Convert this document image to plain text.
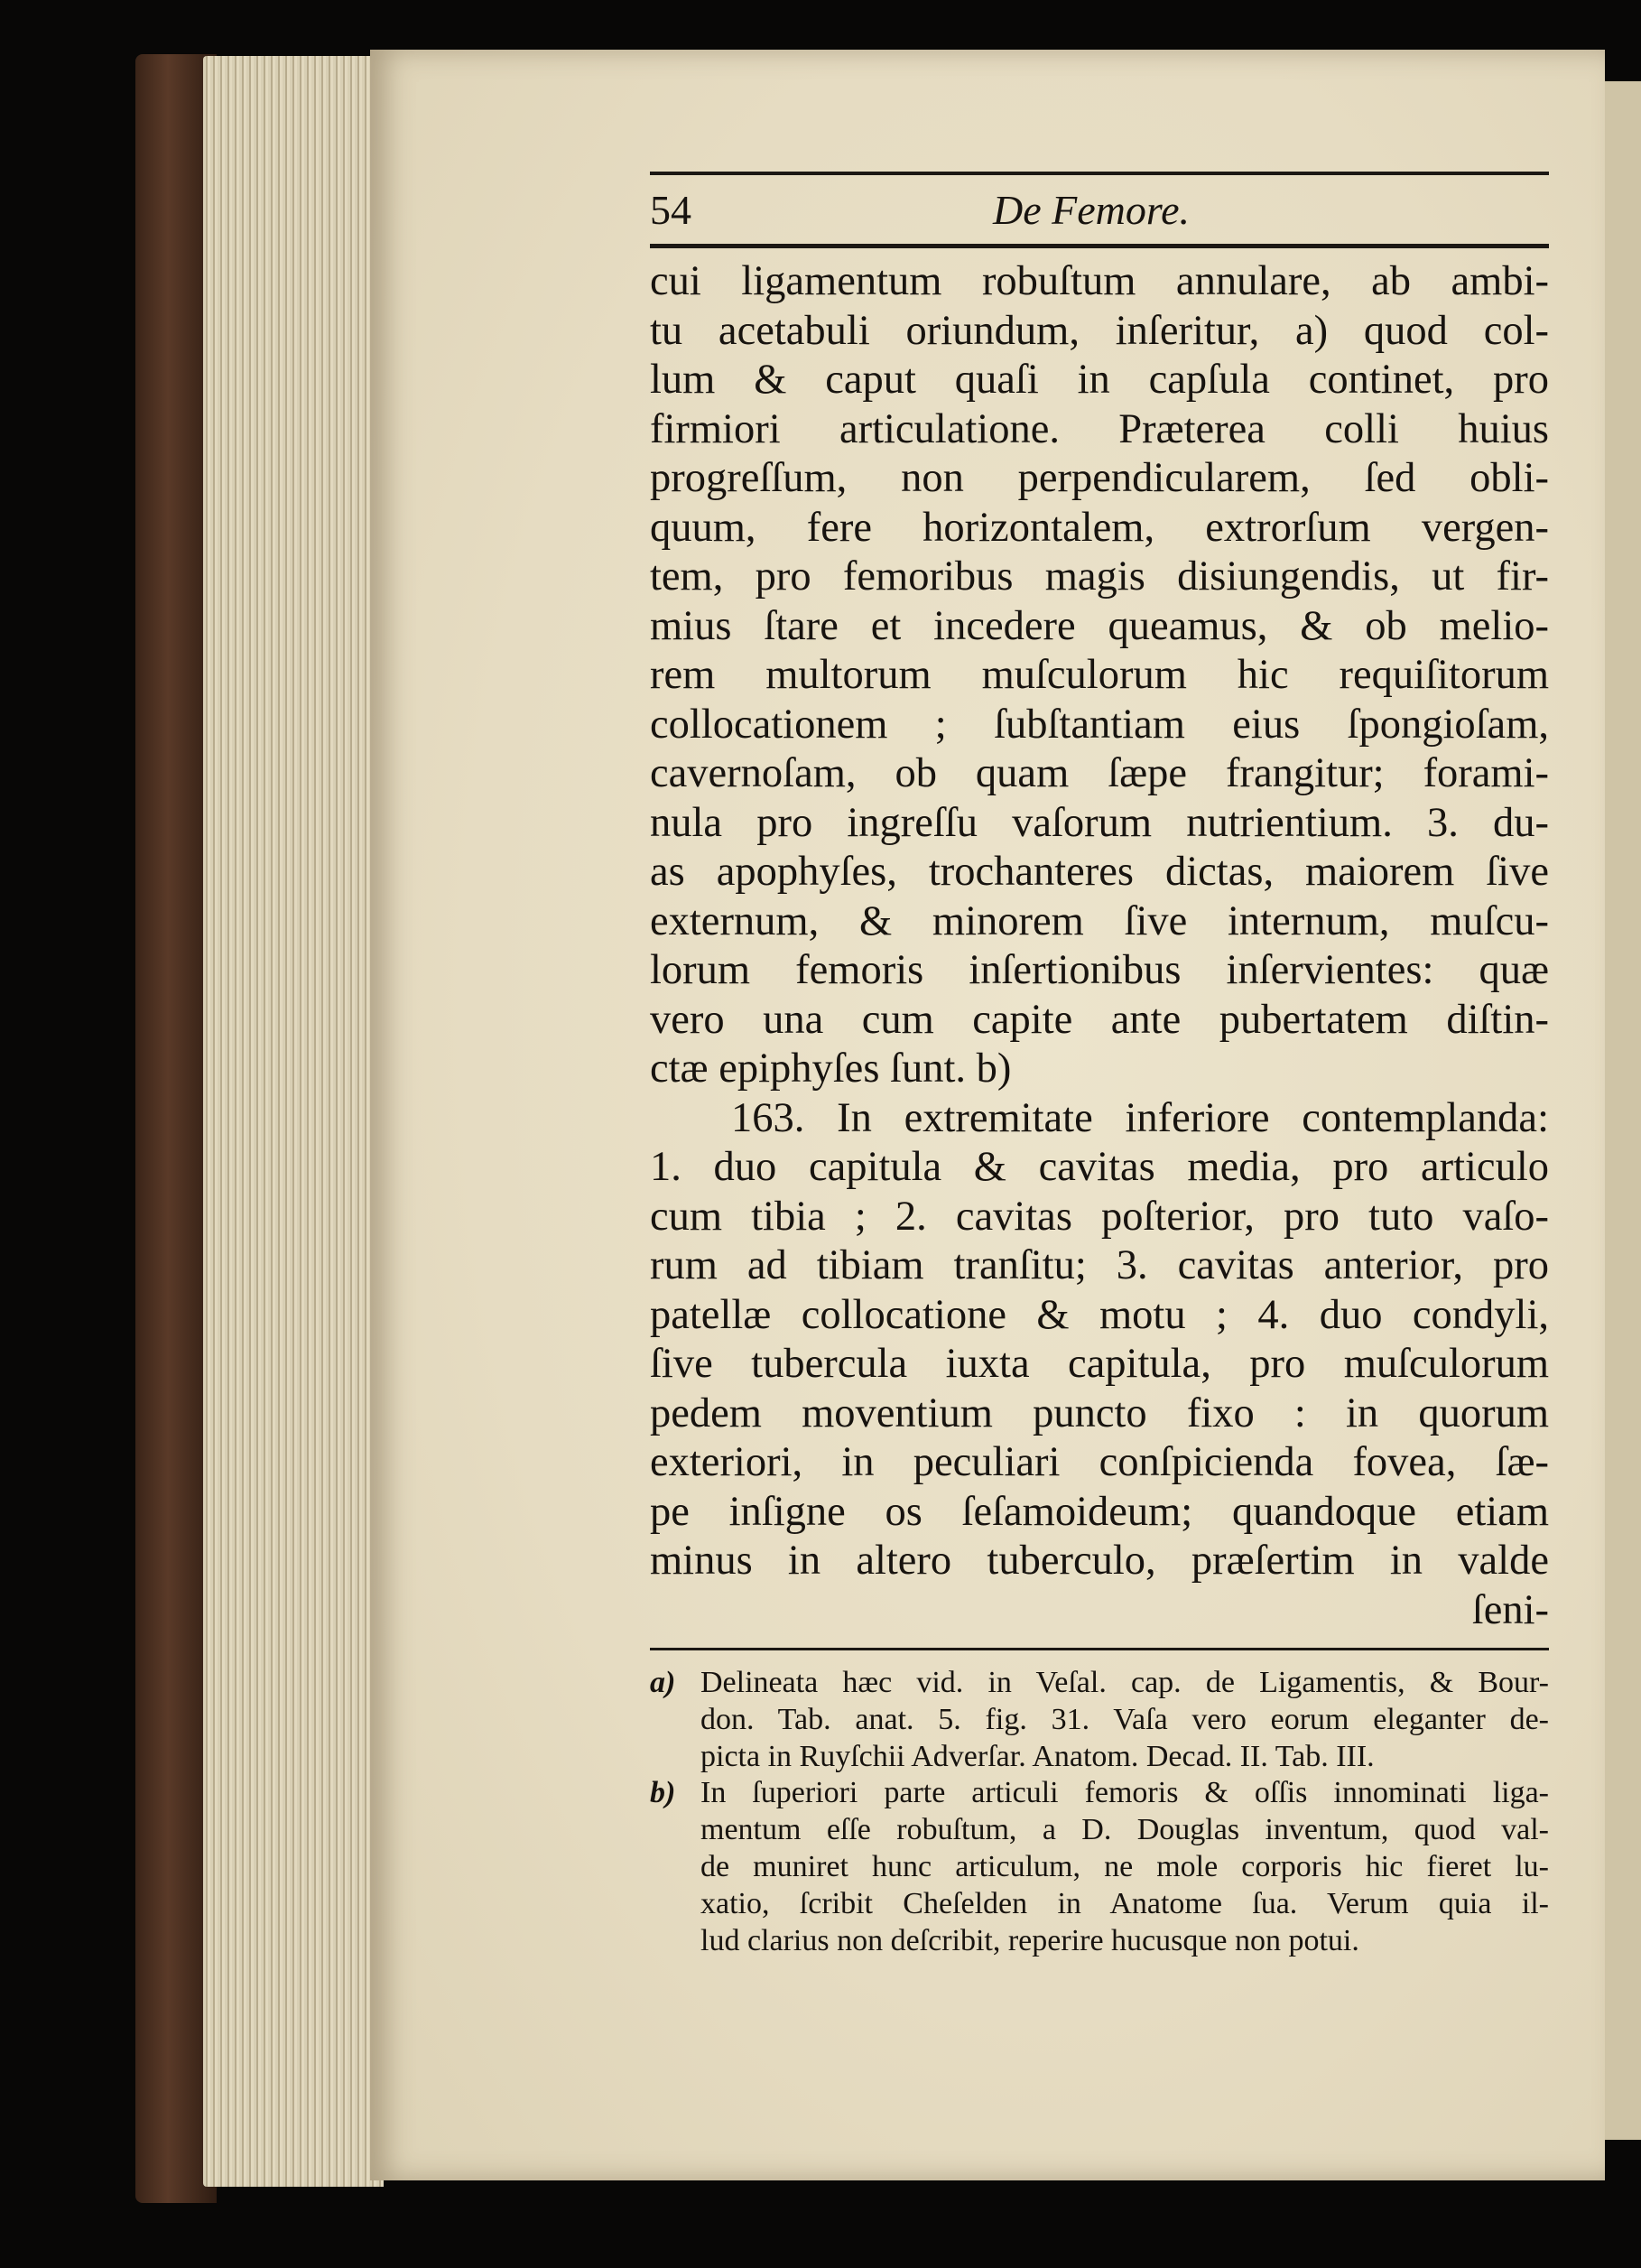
54	De Femore.
cui ligamentum robuſtum annulare, ab ambi-
tu acetabuli oriundum, inſeritur, a) quod col-
lum & caput quaſi in capſula continet, pro
firmiori articulatione. Præterea colli huius
progreſſum, non perpendicularem, ſed obli-
quum, fere horizontalem, extrorſum vergen-
tem, pro femoribus magis disiungendis, ut fir-
mius ſtare et incedere queamus, & ob melio-
rem multorum muſculorum hic requiſitorum
collocationem ; ſubſtantiam eius ſpongioſam,
cavernoſam, ob quam ſæpe frangitur; forami-
nula pro ingreſſu vaſorum nutrientium. 3. du-
as apophyſes, trochanteres dictas, maiorem ſive
externum, & minorem ſive internum, muſcu-
lorum femoris inſertionibus inſervientes: quæ
vero una cum capite ante pubertatem diſtin-
ctæ epiphyſes ſunt. b)
163. In extremitate inferiore contemplanda:
1. duo capitula & cavitas media, pro articulo
cum tibia ; 2. cavitas poſterior, pro tuto vaſo-
rum ad tibiam tranſitu; 3. cavitas anterior, pro
patellæ collocatione & motu ; 4. duo condyli,
ſive tubercula iuxta capitula, pro muſculorum
pedem moventium puncto fixo : in quorum
exteriori, in peculiari conſpicienda fovea, ſæ-
pe inſigne os ſeſamoideum; quandoque etiam
minus in altero tuberculo, præſertim in valde
ſeni-
a) Delineata hæc vid. in Veſal. cap. de Ligamentis, & Bour-
don. Tab. anat. 5. fig. 31. Vaſa vero eorum eleganter de-
picta in Ruyſchii Adverſar. Anatom. Decad. II. Tab. III.
b) In ſuperiori parte articuli femoris & oſſis innominati liga-
mentum eſſe robuſtum, a D. Douglas inventum, quod val-
de muniret hunc articulum, ne mole corporis hic fieret lu-
xatio, ſcribit Cheſelden in Anatome ſua. Verum quia il-
lud clarius non deſcribit, reperire hucusque non potui.
